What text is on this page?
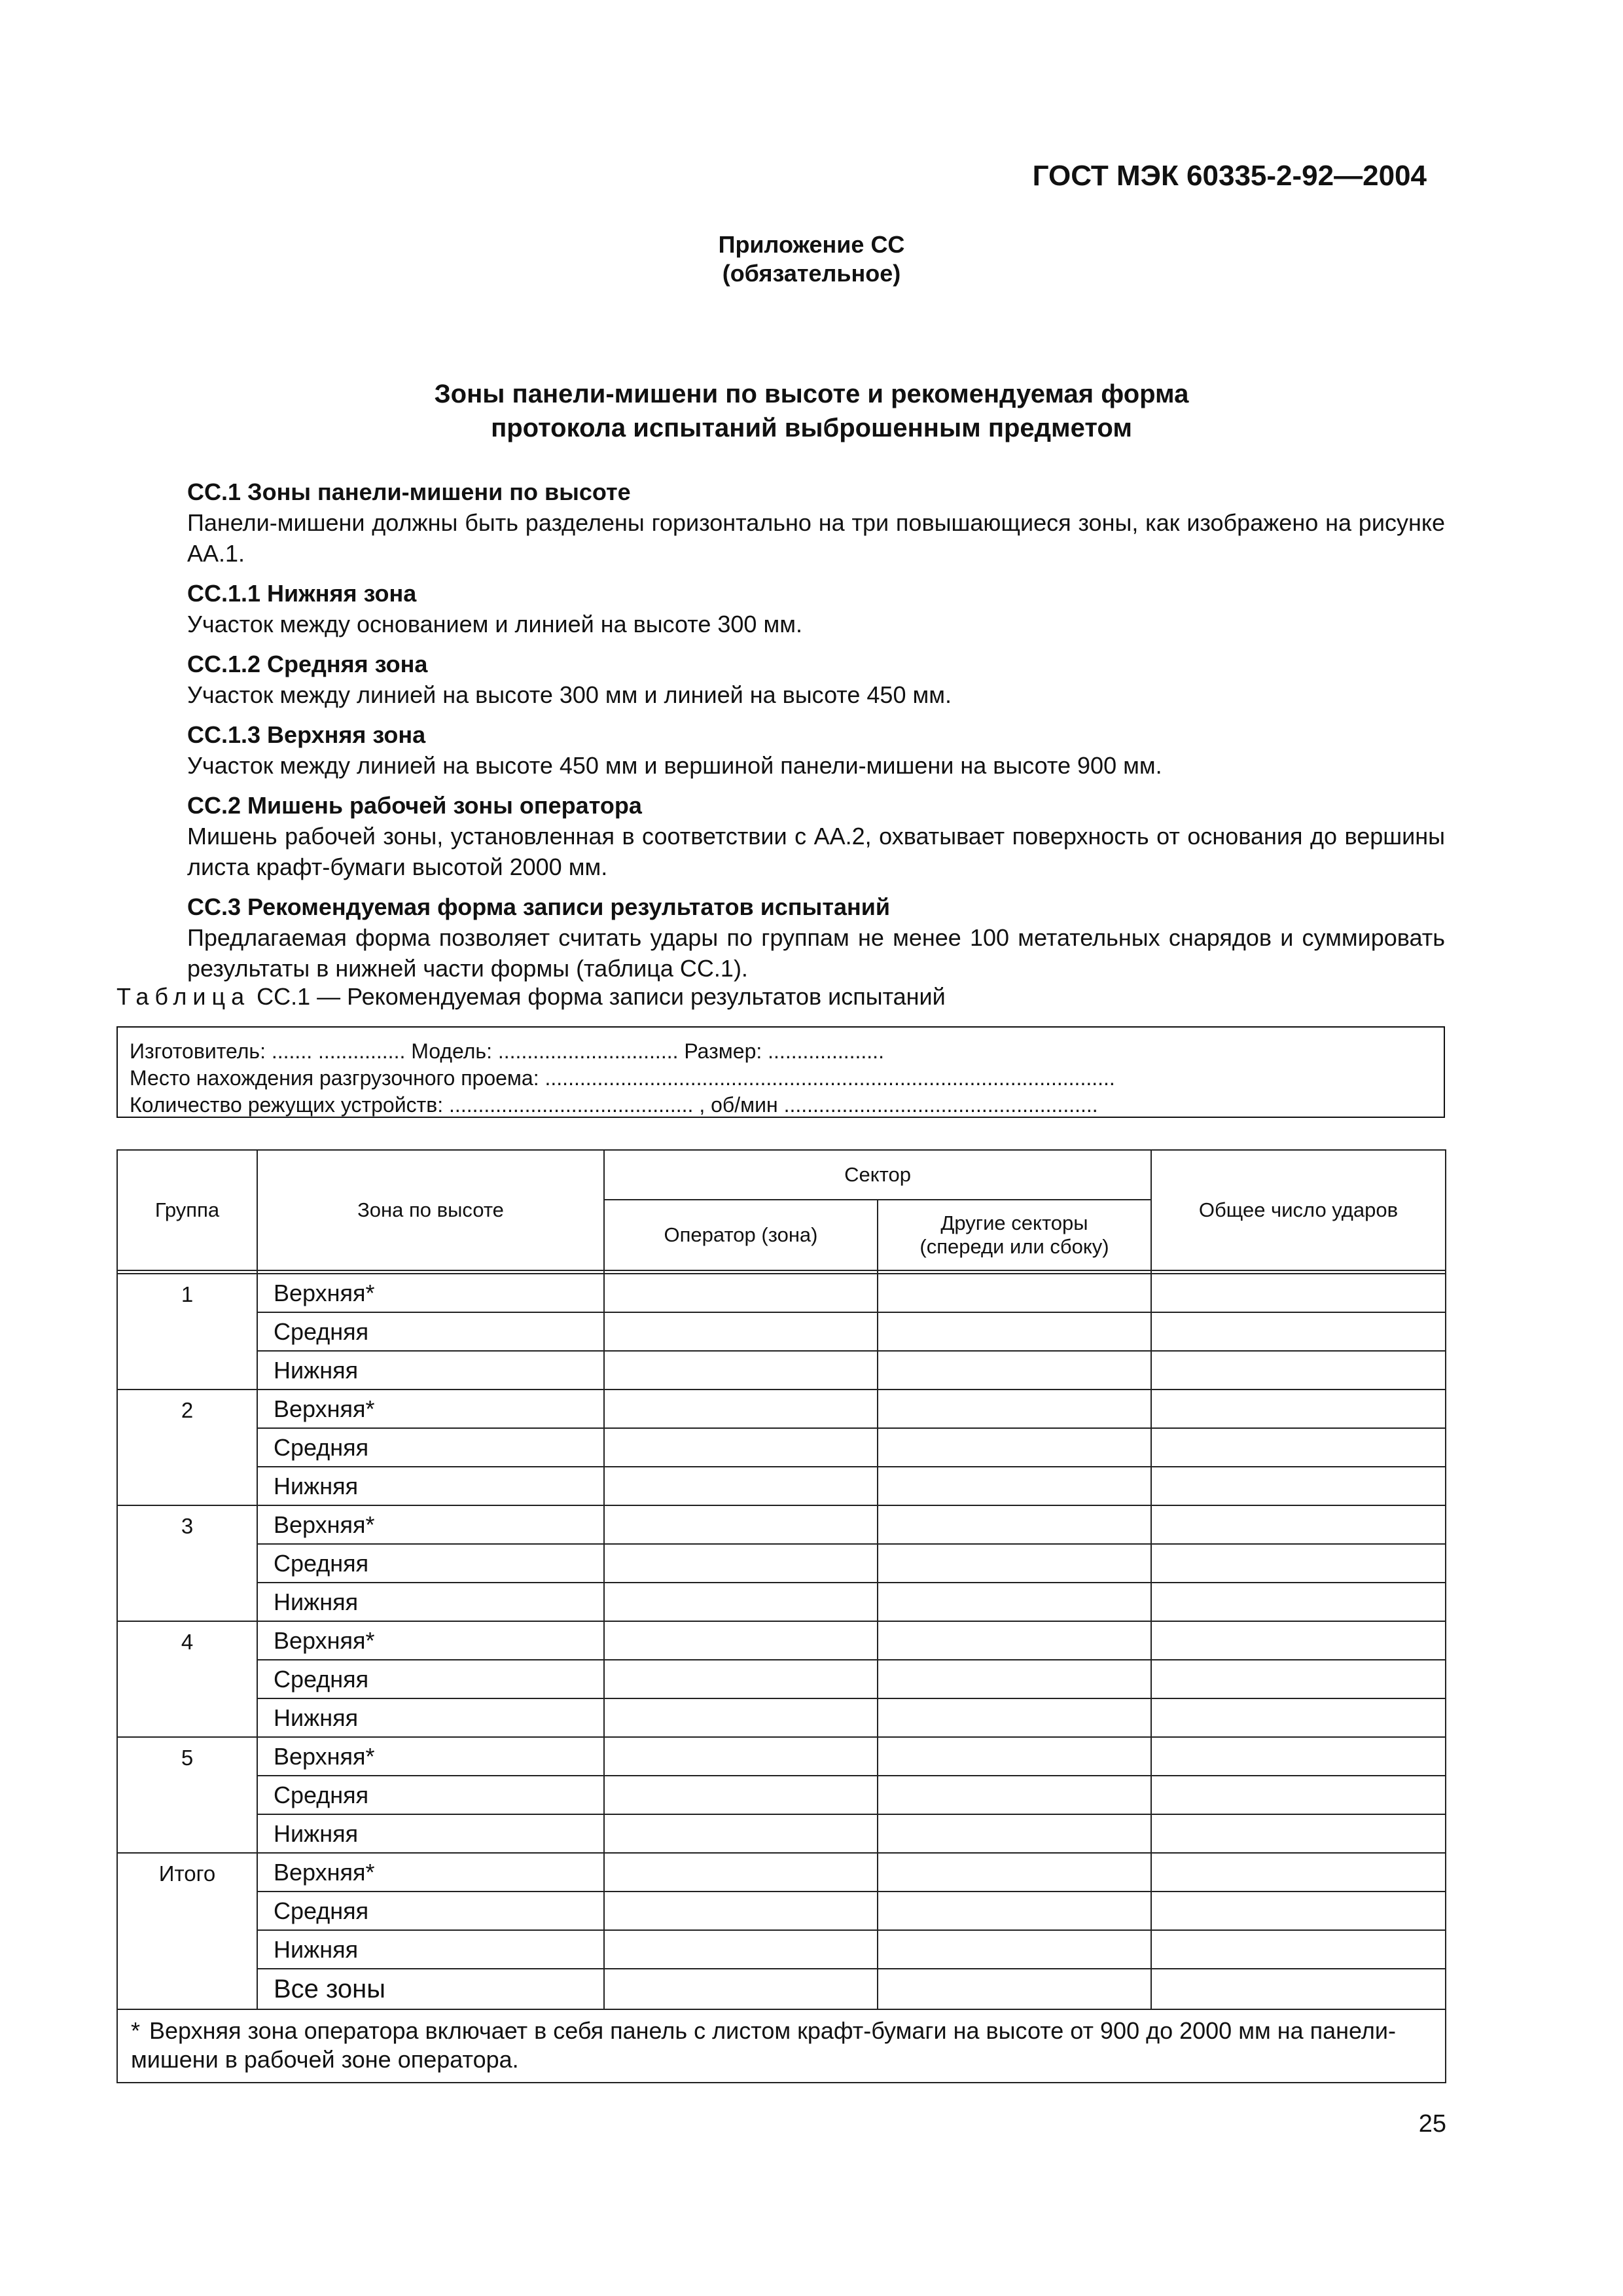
ГОСТ МЭК 60335-2-92—2004
Приложение СС
(обязательное)
Зоны панели-мишени по высоте и рекомендуемая форма
протокола испытаний выброшенным предметом

СС.1 Зоны панели-мишени по высоте

Панели-мишени должны быть разделены горизонтально на три повышающиеся зоны, как изображено на рисунке АА.1.

СС.1.1 Нижняя зона

Участок между основанием и линией на высоте 300 мм.

СС.1.2 Средняя зона

Участок между линией на высоте 300 мм и линией на высоте 450 мм.

СС.1.3 Верхняя зона

Участок между линией на высоте 450 мм и вершиной панели-мишени на высоте 900 мм.

СС.2 Мишень рабочей зоны оператора

Мишень рабочей зоны, установленная в соответствии с АА.2, охватывает поверхность от основания до вершины листа крафт-бумаги высотой 2000 мм.

СС.3 Рекомендуемая форма записи результатов испытаний

Предлагаемая форма позволяет считать удары по группам не менее 100 метательных снарядов и суммировать результаты в нижней части формы (таблица СС.1).

Таблица СС.1 — Рекомендуемая форма записи результатов испытаний
Изготовитель: ....... ............... Модель: ............................... Размер: ....................
Место нахождения разгрузочного проема: ..................................................................................................
Количество режущих устройств: .......................................... , об/мин ......................................................
Группа	Зона по высоте	Сектор		Общее число ударов
		Оператор (зона)	Другие секторы
(спереди или сбоку)	

1	Верхняя*			
	Средняя			
	Нижняя			
2	Верхняя*			
	Средняя			
	Нижняя			
3	Верхняя*			
	Средняя			
	Нижняя			
4	Верхняя*			
	Средняя			
	Нижняя			
5	Верхняя*			
	Средняя			
	Нижняя			
Итого	Верхняя*			
	Средняя			
	Нижняя			
	Все зоны			
* Верхняя зона оператора включает в себя панель с листом крафт-бумаги на высоте от 900 до 2000 мм на панели-мишени в рабочей зоне оператора.				
25
